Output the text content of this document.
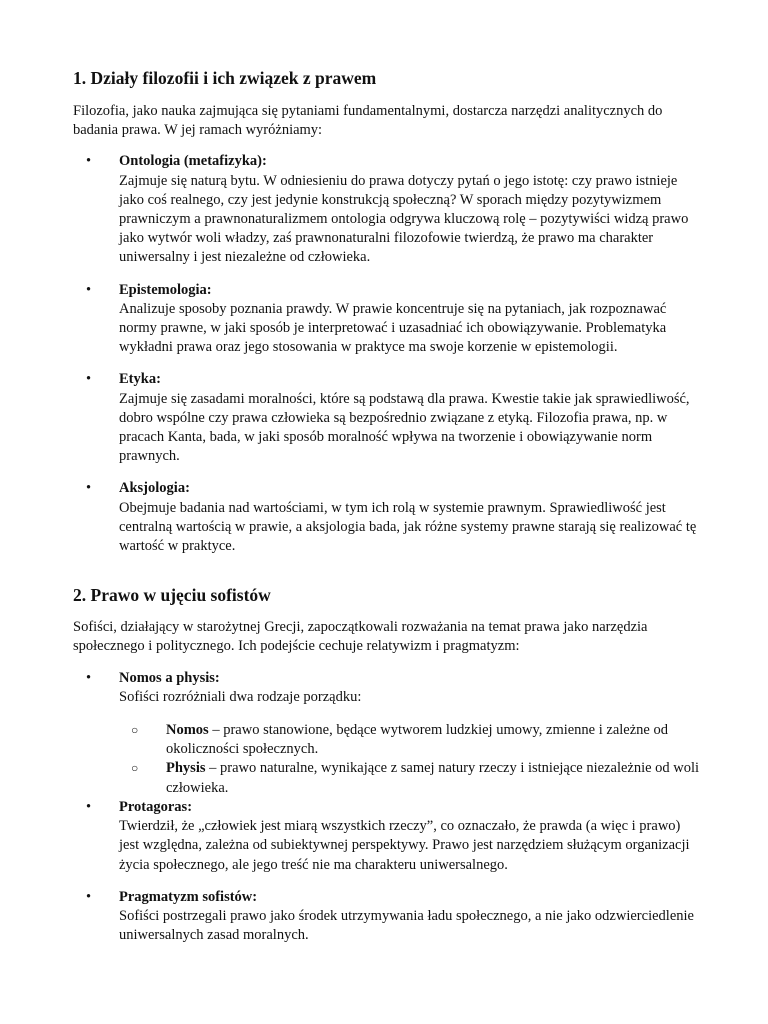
1. Działy filozofii i ich związek z prawem

Filozofia, jako nauka zajmująca się pytaniami fundamentalnymi, dostarcza narzędzi analitycznych do badania prawa. W jej ramach wyróżniamy:

• Ontologia (metafizyka):
Zajmuje się naturą bytu. W odniesieniu do prawa dotyczy pytań o jego istotę: czy prawo istnieje jako coś realnego, czy jest jedynie konstrukcją społeczną? W sporach między pozytywizmem prawniczym a prawnonaturalizmem ontologia odgrywa kluczową rolę – pozytywiści widzą prawo jako wytwór woli władzy, zaś prawnonaturalni filozofowie twierdzą, że prawo ma charakter uniwersalny i jest niezależne od człowieka.
• Epistemologia:
Analizuje sposoby poznania prawdy. W prawie koncentruje się na pytaniach, jak rozpoznawać normy prawne, w jaki sposób je interpretować i uzasadniać ich obowiązywanie. Problematyka wykładni prawa oraz jego stosowania w praktyce ma swoje korzenie w epistemologii.
• Etyka:
Zajmuje się zasadami moralności, które są podstawą dla prawa. Kwestie takie jak sprawiedliwość, dobro wspólne czy prawa człowieka są bezpośrednio związane z etyką. Filozofia prawa, np. w pracach Kanta, bada, w jaki sposób moralność wpływa na tworzenie i obowiązywanie norm prawnych.
• Aksjologia:
Obejmuje badania nad wartościami, w tym ich rolą w systemie prawnym. Sprawiedliwość jest centralną wartością w prawie, a aksjologia bada, jak różne systemy prawne starają się realizować tę wartość w praktyce.
2. Prawo w ujęciu sofistów

Sofiści, działający w starożytnej Grecji, zapoczątkowali rozważania na temat prawa jako narzędzia społecznego i politycznego. Ich podejście cechuje relatywizm i pragmatyzm:

• Nomos a physis:
Sofiści rozróżniali dwa rodzaje porządku:
○ Nomos – prawo stanowione, będące wytworem ludzkiej umowy, zmienne i zależne od okoliczności społecznych.
○ Physis – prawo naturalne, wynikające z samej natury rzeczy i istniejące niezależnie od woli człowieka.
• Protagoras:
Twierdził, że „człowiek jest miarą wszystkich rzeczy”, co oznaczało, że prawda (a więc i prawo) jest względna, zależna od subiektywnej perspektywy. Prawo jest narzędziem służącym organizacji życia społecznego, ale jego treść nie ma charakteru uniwersalnego.
• Pragmatyzm sofistów:
Sofiści postrzegali prawo jako środek utrzymywania ładu społecznego, a nie jako odzwierciedlenie uniwersalnych zasad moralnych.
